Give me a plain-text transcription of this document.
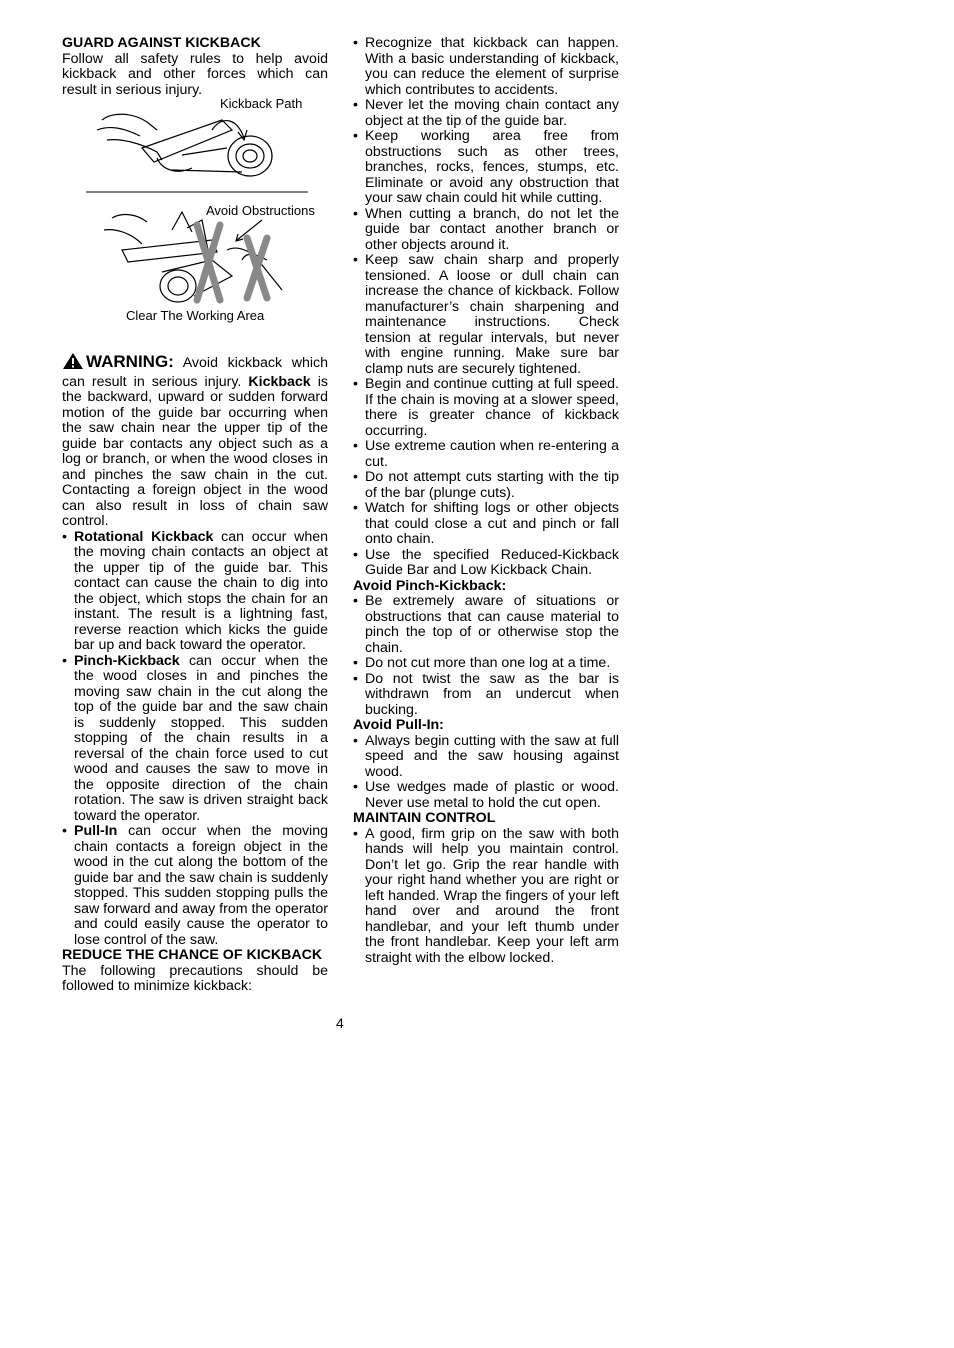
GUARD AGAINST KICKBACK

Follow all safety rules to help avoid kickback and other forces which can result in serious injury.

Kickback Path
Avoid Obstructions
Clear The Working Area

WARNING: Avoid kickback which can result in serious injury. Kickback is the backward, upward or sudden forward motion of the guide bar occurring when the saw chain near the upper tip of the guide bar contacts any object such as a log or branch, or when the wood closes in and pinches the saw chain in the cut. Contacting a foreign object in the wood can also result in loss of chain saw control.

• Rotational Kickback can occur when the moving chain contacts an object at the upper tip of the guide bar. This contact can cause the chain to dig into the object, which stops the chain for an instant. The result is a lightning fast, reverse reaction which kicks the guide bar up and back toward the operator.
• Pinch-Kickback can occur when the the wood closes in and pinches the moving saw chain in the cut along the top of the guide bar and the saw chain is suddenly stopped. This sudden stopping of the chain results in a reversal of the chain force used to cut wood and causes the saw to move in the opposite direction of the chain rotation. The saw is driven straight back toward the operator.
• Pull-In can occur when the moving chain contacts a foreign object in the wood in the cut along the bottom of the guide bar and the saw chain is suddenly stopped. This sudden stopping pulls the saw forward and away from the operator and could easily cause the operator to lose control of the saw.
REDUCE THE CHANCE OF KICKBACK

The following precautions should be followed to minimize kickback:

• Recognize that kickback can happen. With a basic understanding of kickback, you can reduce the element of surprise which contributes to accidents.
• Never let the moving chain contact any object at the tip of the guide bar.
• Keep working area free from obstructions such as other trees, branches, rocks, fences, stumps, etc. Eliminate or avoid any obstruction that your saw chain could hit while cutting.
• When cutting a branch, do not let the guide bar contact another branch or other objects around it.
• Keep saw chain sharp and properly tensioned. A loose or dull chain can increase the chance of kickback. Follow manufacturer’s chain sharpening and maintenance instructions. Check tension at regular intervals, but never with engine running. Make sure bar clamp nuts are securely tightened.
• Begin and continue cutting at full speed. If the chain is moving at a slower speed, there is greater chance of kickback occurring.
• Use extreme caution when re-entering a cut.
• Do not attempt cuts starting with the tip of the bar (plunge cuts).
• Watch for shifting logs or other objects that could close a cut and pinch or fall onto chain.
• Use the specified Reduced-Kickback Guide Bar and Low Kickback Chain.
Avoid Pinch-Kickback:
• Be extremely aware of situations or obstructions that can cause material to pinch the top of or otherwise stop the chain.
• Do not cut more than one log at a time.
• Do not twist the saw as the bar is withdrawn from an undercut when bucking.
Avoid Pull-In:
• Always begin cutting with the saw at full speed and the saw housing against wood.
• Use wedges made of plastic or wood. Never use metal to hold the cut open.
MAINTAIN CONTROL
• A good, firm grip on the saw with both hands will help you maintain control. Don’t let go. Grip the rear handle with your right hand whether you are right or left handed. Wrap the fingers of your left hand over and around the front handlebar, and your left thumb under the front handlebar. Keep your left arm straight with the elbow locked.
4
